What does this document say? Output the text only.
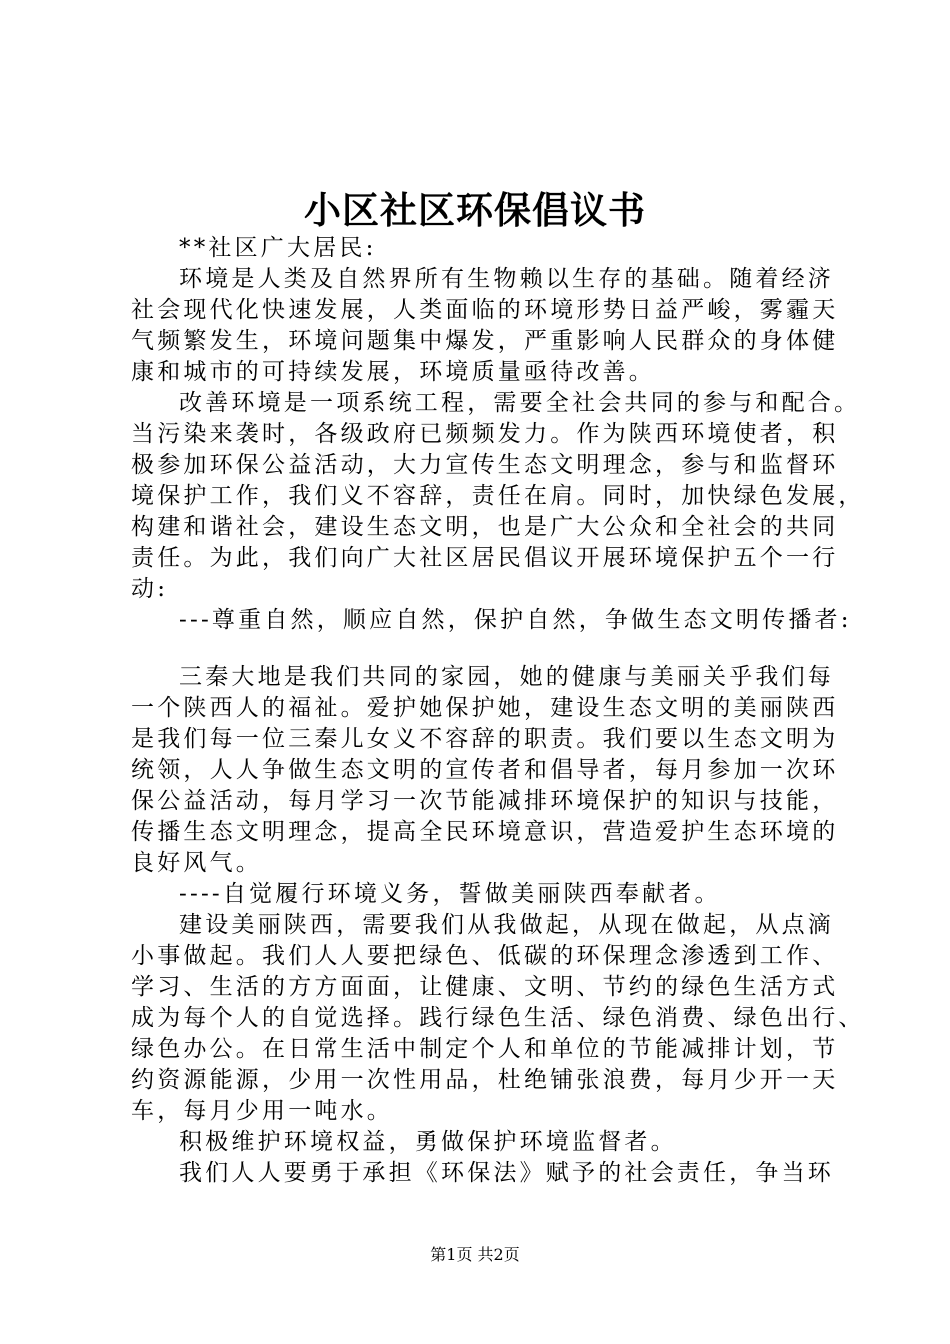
小区社区环保倡议书
**社区广大居民:
环境是人类及自然界所有生物赖以生存的基础。随着经济
社会现代化快速发展，人类面临的环境形势日益严峻，雾霾天
气频繁发生，环境问题集中爆发，严重影响人民群众的身体健
康和城市的可持续发展，环境质量亟待改善。
改善环境是一项系统工程，需要全社会共同的参与和配合。
当污染来袭时，各级政府已频频发力。作为陕西环境使者，积
极参加环保公益活动，大力宣传生态文明理念，参与和监督环
境保护工作，我们义不容辞，责任在肩。同时，加快绿色发展，
构建和谐社会，建设生态文明，也是广大公众和全社会的共同
责任。为此，我们向广大社区居民倡议开展环境保护五个一行
动:
---尊重自然，顺应自然，保护自然，争做生态文明传播者:
三秦大地是我们共同的家园，她的健康与美丽关乎我们每
一个陕西人的福祉。爱护她保护她，建设生态文明的美丽陕西
是我们每一位三秦儿女义不容辞的职责。我们要以生态文明为
统领，人人争做生态文明的宣传者和倡导者，每月参加一次环
保公益活动，每月学习一次节能减排环境保护的知识与技能，
传播生态文明理念，提高全民环境意识，营造爱护生态环境的
良好风气。
----自觉履行环境义务，誓做美丽陕西奉献者。
建设美丽陕西，需要我们从我做起，从现在做起，从点滴
小事做起。我们人人要把绿色、低碳的环保理念渗透到工作、
学习、生活的方方面面，让健康、文明、节约的绿色生活方式
成为每个人的自觉选择。践行绿色生活、绿色消费、绿色出行、
绿色办公。在日常生活中制定个人和单位的节能减排计划，节
约资源能源，少用一次性用品，杜绝铺张浪费，每月少开一天
车，每月少用一吨水。
积极维护环境权益，勇做保护环境监督者。
我们人人要勇于承担《环保法》赋予的社会责任，争当环
第1页 共2页
